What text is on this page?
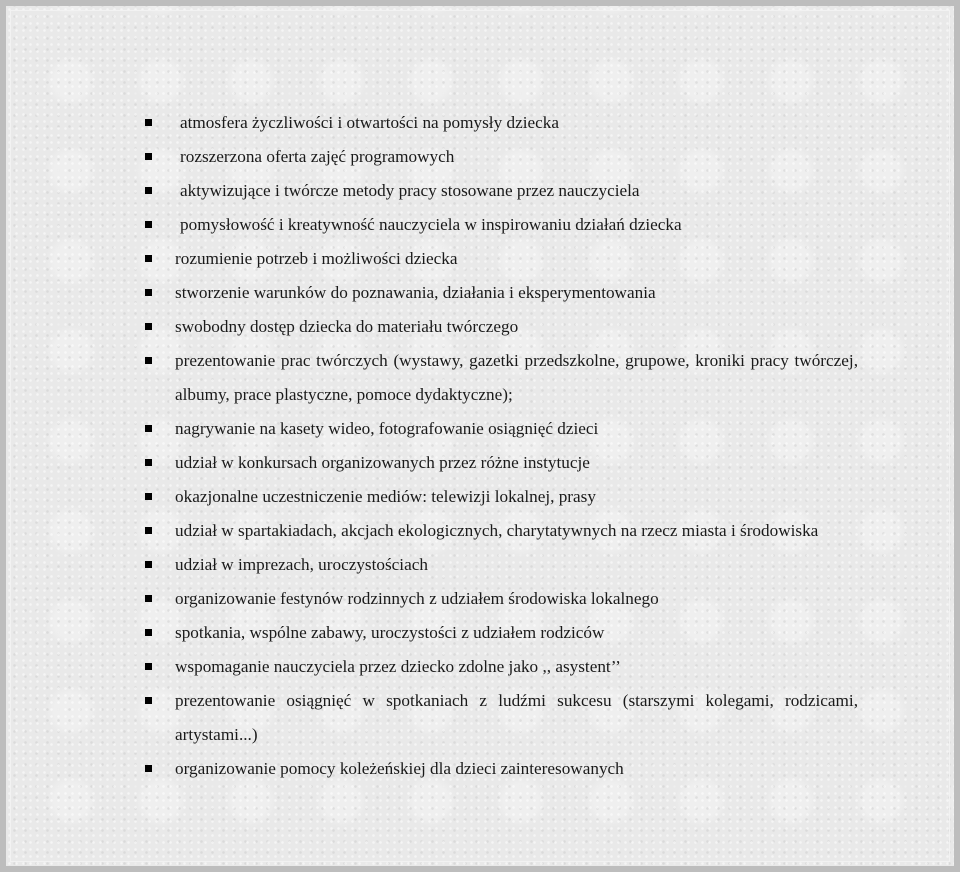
atmosfera życzliwości i otwartości na pomysły dziecka
rozszerzona oferta zajęć programowych
aktywizujące i twórcze metody pracy stosowane przez nauczyciela
pomysłowość i kreatywność nauczyciela w inspirowaniu działań dziecka
rozumienie potrzeb i możliwości dziecka
stworzenie warunków do poznawania, działania i eksperymentowania
swobodny dostęp dziecka do materiału twórczego
prezentowanie prac twórczych (wystawy, gazetki przedszkolne, grupowe, kroniki pracy twórczej, albumy, prace plastyczne, pomoce dydaktyczne);
nagrywanie na kasety wideo, fotografowanie osiągnięć dzieci
udział w konkursach organizowanych przez różne instytucje
okazjonalne uczestniczenie mediów: telewizji lokalnej, prasy
udział w spartakiadach, akcjach ekologicznych, charytatywnych na rzecz miasta i środowiska
udział w imprezach, uroczystościach
organizowanie festynów rodzinnych z udziałem środowiska lokalnego
spotkania, wspólne zabawy, uroczystości z udziałem rodziców
wspomaganie nauczyciela przez dziecko zdolne jako ,, asystent’’
prezentowanie osiągnięć w spotkaniach z ludźmi sukcesu (starszymi kolegami, rodzicami, artystami...)
organizowanie pomocy koleżeńskiej dla dzieci zainteresowanych
